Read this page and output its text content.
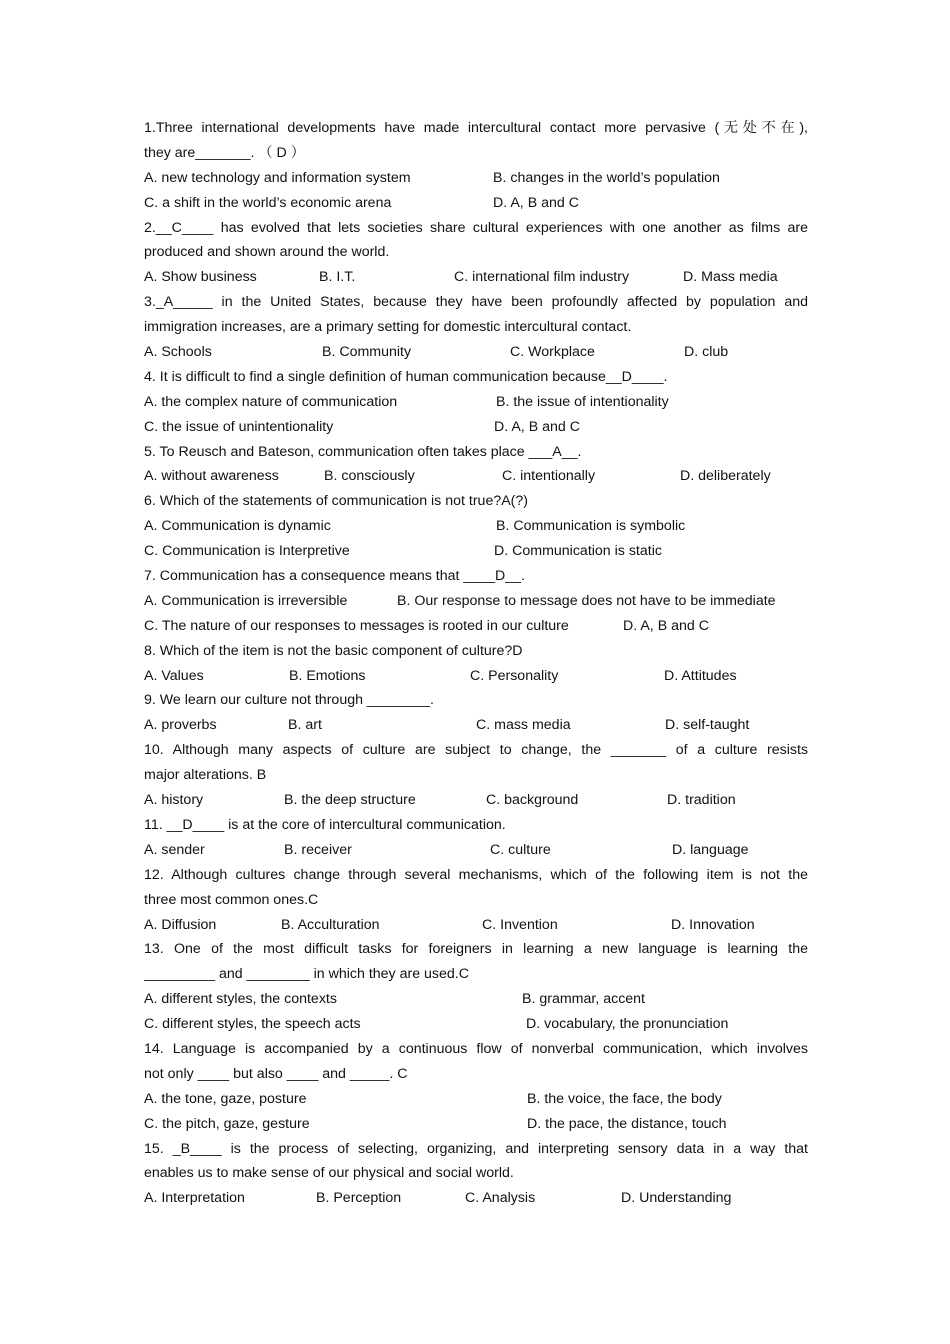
1.Three international developments have made intercultural contact more pervasive (无处不在),
they are_______. （ D ）
A. new technology and information system	B. changes in the world’s population
C. a shift in the world’s economic arena	D. A, B and C
2.__C____ has evolved that lets societies share cultural experiences with one another as films are
produced and shown around the world.
A. Show business	B. I.T.	C. international film industry	D. Mass media
3._A_____ in the United States, because they have been profoundly affected by population and
immigration increases, are a primary setting for domestic intercultural contact.
A. Schools	B. Community	C. Workplace	D. club
4. It is difficult to find a single definition of human communication because__D____.
A. the complex nature of communication	B. the issue of intentionality
C. the issue of unintentionality	D. A, B and C
5. To Reusch and Bateson, communication often takes place ___A__.
A. without awareness	B. consciously	C. intentionally	D. deliberately
6. Which of the statements of communication is not true?A(?)
A. Communication is dynamic	B. Communication is symbolic
C. Communication is Interpretive	D. Communication is static
7. Communication has a consequence means that ____D__.
A. Communication is irreversible	B. Our response to message does not have to be immediate
C. The nature of our responses to messages is rooted in our culture	D. A, B and C
8. Which of the item is not the basic component of culture?D
A. Values	B. Emotions	C. Personality	D. Attitudes
9. We learn our culture not through ________.
A. proverbs	B. art	C. mass media	D. self-taught
10. Although many aspects of culture are subject to change, the _______ of a culture resists
major alterations. B
A. history	B. the deep structure	C. background	D. tradition
11. __D____ is at the core of intercultural communication.
A. sender	B. receiver	C. culture	D. language
12. Although cultures change through several mechanisms, which of the following item is not the
three most common ones.C
A. Diffusion	B. Acculturation	C. Invention	D. Innovation
13. One of the most difficult tasks for foreigners in learning a new language is learning the
_________ and ________ in which they are used.C
A. different styles, the contexts	B. grammar, accent
C. different styles, the speech acts	D. vocabulary, the pronunciation
14. Language is accompanied by a continuous flow of nonverbal communication, which involves
not only ____ but also ____ and _____. C
A. the tone, gaze, posture	B. the voice, the face, the body
C. the pitch, gaze, gesture	D. the pace, the distance, touch
15. _B____ is the process of selecting, organizing, and interpreting sensory data in a way that
enables us to make sense of our physical and social world.
A. Interpretation	B. Perception	C. Analysis	D. Understanding
